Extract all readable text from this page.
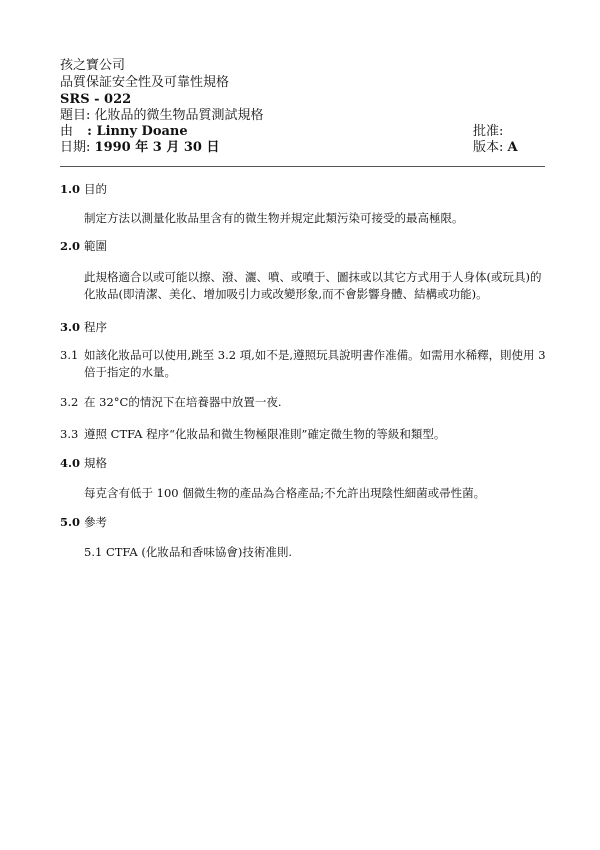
孩之寶公司
品質保証安全性及可靠性規格
SRS - 022
題目: 化妝品的微生物品質測試規格
由 : Linny Doane
日期: 1990 年 3 月 30 日
批准:
版本: A
1.0 目的
制定方法以測量化妝品里含有的微生物并規定此類污染可接受的最高極限。
2.0 範圍
此規格適合以或可能以擦、潑、灑、噴、或噴于、圖抹或以其它方式用于人身体(或玩具)的化妝品(即清潔、美化、增加吸引力或改變形象,而不會影響身體、結構或功能)。
3.0 程序
3.1 如該化妝品可以使用,跳至 3.2 項,如不是,遵照玩具說明書作准備。如需用水稀釋，則使用 3 倍于指定的水量。
3.2 在 32°C的情況下在培養器中放置一夜.
3.3 遵照 CTFA 程序“化妝品和微生物極限准則”確定微生物的等級和類型。
4.0 規格
每克含有低于 100 個微生物的產品為合格產品;不允許出現陰性細菌或帚性菌。
5.0 參考
5.1 CTFA (化妝品和香味協會)技術准則.
